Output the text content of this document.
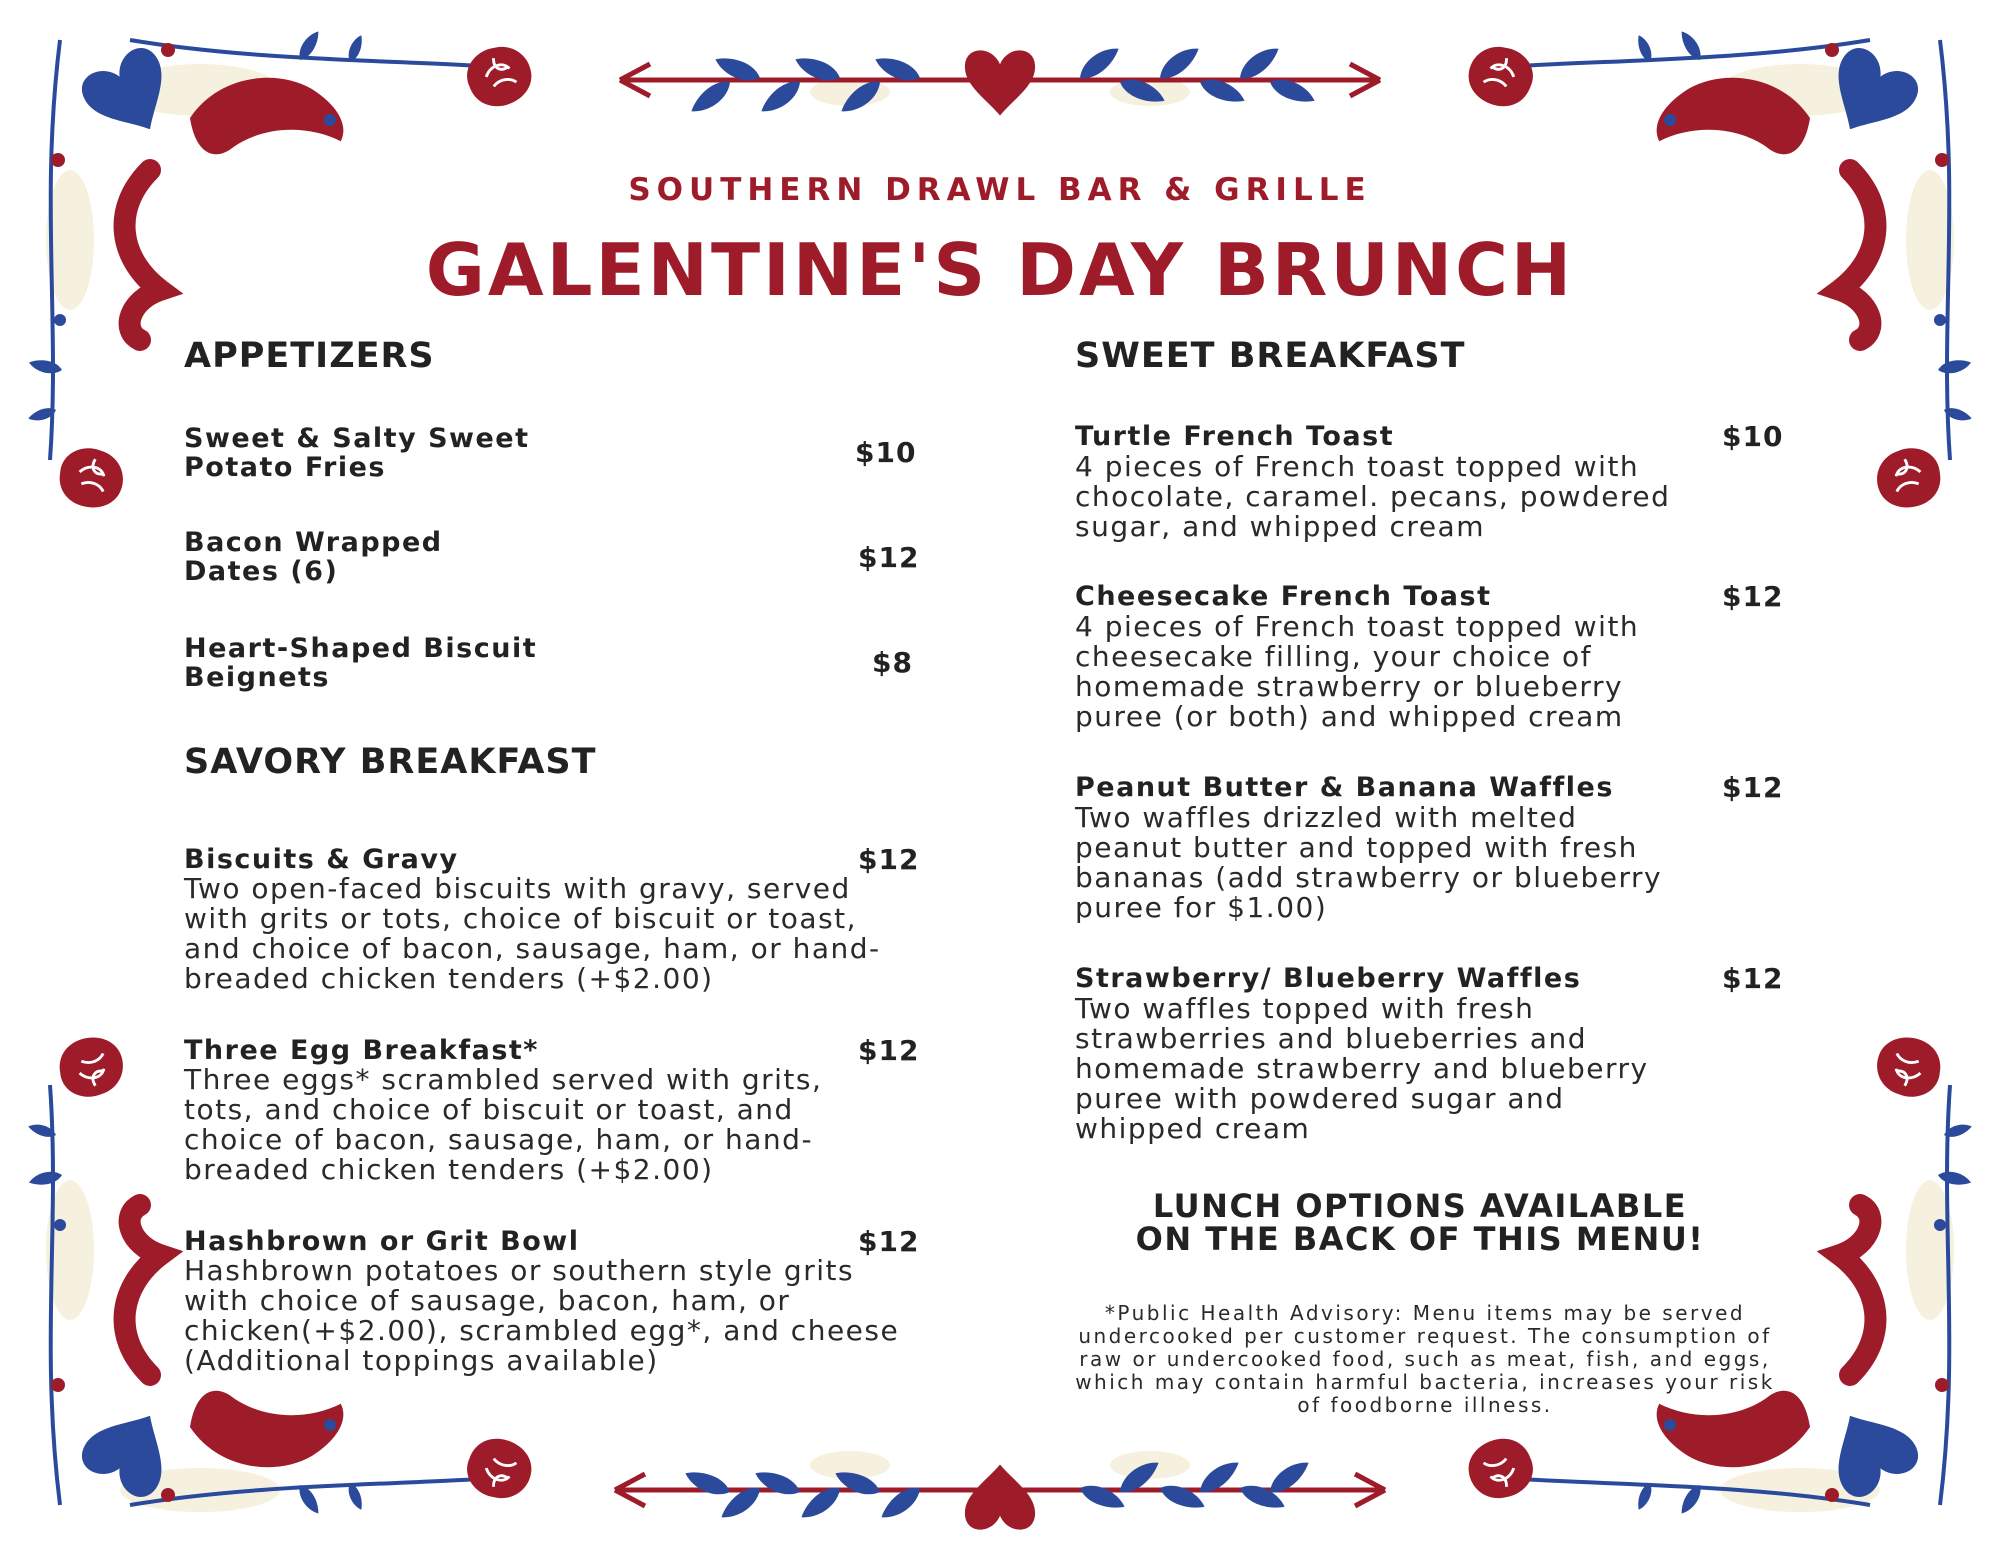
SOUTHERN DRAWL BAR & GRILLE
GALENTINE'S DAY BRUNCH
APPETIZERS
Sweet & Salty Sweet
Potato Fries	$10
Bacon Wrapped
Dates (6)	$12
Heart-Shaped Biscuit
Beignets	$8
SAVORY BREAKFAST
Biscuits & Gravy	$12
Two open-faced biscuits with gravy, served
with grits or tots, choice of biscuit or toast,
and choice of bacon, sausage, ham, or hand-
breaded chicken tenders (+$2.00)
Three Egg Breakfast*	$12
Three eggs* scrambled served with grits,
tots, and choice of biscuit or toast, and
choice of bacon, sausage, ham, or hand-
breaded chicken tenders (+$2.00)
Hashbrown or Grit Bowl	$12
Hashbrown potatoes or southern style grits
with choice of sausage, bacon, ham, or
chicken(+$2.00), scrambled egg*, and cheese
(Additional toppings available)
SWEET BREAKFAST
Turtle French Toast	$10
4 pieces of French toast topped with
chocolate, caramel. pecans, powdered
sugar, and whipped cream
Cheesecake French Toast	$12
4 pieces of French toast topped with
cheesecake filling, your choice of
homemade strawberry or blueberry
puree (or both) and whipped cream
Peanut Butter & Banana Waffles	$12
Two waffles drizzled with melted
peanut butter and topped with fresh
bananas (add strawberry or blueberry
puree for $1.00)
Strawberry/ Blueberry Waffles	$12
Two waffles topped with fresh
strawberries and blueberries and
homemade strawberry and blueberry
puree with powdered sugar and
whipped cream
LUNCH OPTIONS AVAILABLE
ON THE BACK OF THIS MENU!
*Public Health Advisory: Menu items may be served
undercooked per customer request. The consumption of
raw or undercooked food, such as meat, fish, and eggs,
which may contain harmful bacteria, increases your risk
of foodborne illness.
